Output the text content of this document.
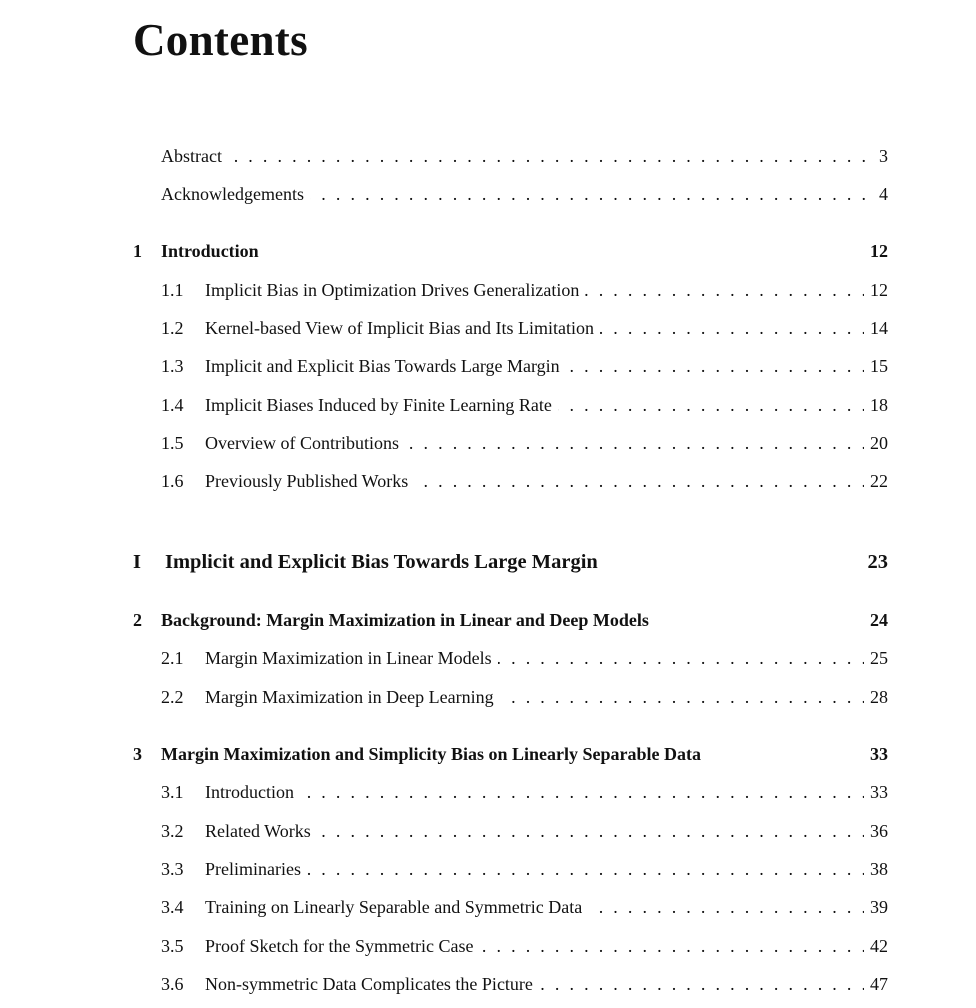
Contents
Abstract . . .	3
Acknowledgements . . .	4
1 Introduction	12
1.1 Implicit Bias in Optimization Drives Generalization . . .	12
1.2 Kernel-based View of Implicit Bias and Its Limitation . . .	14
1.3 Implicit and Explicit Bias Towards Large Margin . . .	15
1.4 Implicit Biases Induced by Finite Learning Rate . . .	18
1.5 Overview of Contributions . . .	20
1.6 Previously Published Works . . .	22
I Implicit and Explicit Bias Towards Large Margin	23
2 Background: Margin Maximization in Linear and Deep Models	24
2.1 Margin Maximization in Linear Models . . .	25
2.2 Margin Maximization in Deep Learning . . .	28
3 Margin Maximization and Simplicity Bias on Linearly Separable Data	33
3.1 Introduction . . .	33
3.2 Related Works . . .	36
3.3 Preliminaries . . .	38
3.4 Training on Linearly Separable and Symmetric Data . . .	39
3.5 Proof Sketch for the Symmetric Case . . .	42
3.6 Non-symmetric Data Complicates the Picture . . .	47
